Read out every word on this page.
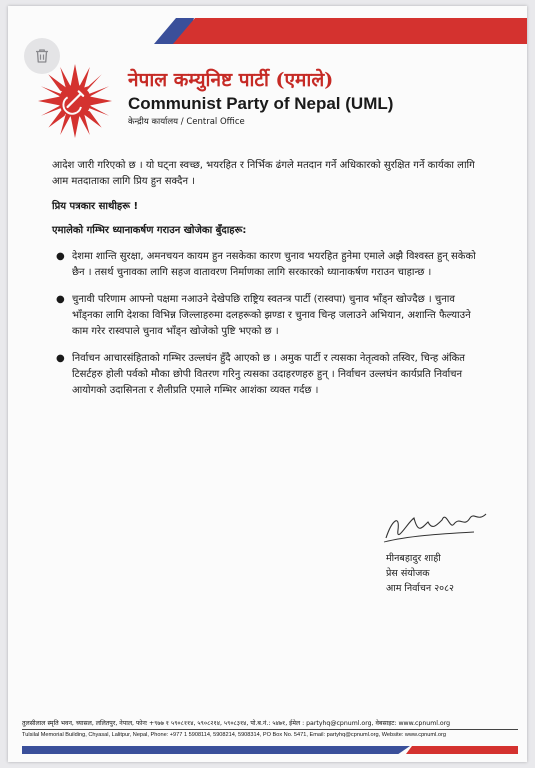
नेपाल कम्युनिष्ट पार्टी (एमाले)
Communist Party of Nepal (UML)
केन्द्रीय कार्यालय / Central Office

आदेश जारी गरिएको छ । यो घट्ना स्वच्छ, भयरहित र निर्भिक ढंगले मतदान गर्ने अधिकारको सुरक्षित गर्ने कार्यका लागि आम मतदाताका लागि प्रिय हुन सक्दैन ।

प्रिय पत्रकार साथीहरू !

एमालेको गम्भिर ध्यानाकर्षण गराउन खोजेका बुँदाहरू:

● देशमा शान्ति सुरक्षा, अमनचयन कायम हुन नसकेका कारण चुनाव भयरहित हुनेमा एमाले अझै विश्वस्त हुन् सकेको छैन । तसर्थ चुनावका लागि सहज वातावरण निर्माणका लागि सरकारको ध्यानाकर्षण गराउन चाहान्छ ।
● चुनावी परिणाम आफ्नो पक्षमा नआउने देखेपछि राष्ट्रिय स्वतन्त्र पार्टी (रास्वपा) चुनाव भाँड्न खोज्दैछ । चुनाव भाँड्नका लागि देशका विभिन्न जिल्लाहरुमा दलहरूको झण्डा र चुनाव चिन्ह जलाउने अभियान, अशान्ति फैल्याउने काम गरेर रास्वपाले चुनाव भाँड्न खोजेको पुष्टि भएको छ ।
● निर्वाचन आचारसंहिताको गम्भिर उल्लघंन हुँदै आएको छ । अमुक पार्टी र त्यसका नेतृत्वको तस्विर, चिन्ह अंकित टिसर्टहरु होली पर्वको मौका छोपी वितरण गरिनु त्यसका उदाहरणहरु हुन् । निर्वाचन उल्लघंन कार्यप्रति निर्वाचन आयोगको उदासिनता र शैलीप्रति एमाले गम्भिर आशंका व्यक्त गर्दछ ।
मीनबहादुर शाही
प्रेस संयोजक
आम निर्वाचन २०८२
तुलसीलाल स्मृति भवन, च्यासल, ललितपुर, नेपाल, फोनः +९७७ १ ५९०८११४, ५९०८२१४, ५९०८३१४, पो.ब.नं.: ५४७१, ईमेल : partyhq@cpnuml.org, वेबसाइट: www.cpnuml.org
Tulsilal Memorial Building, Chyasal, Lalitpur, Nepal, Phone: +977 1 5908114, 5908214, 5908314, PO Box No. 5471, Email: partyhq@cpnuml.org, Website: www.cpnuml.org
